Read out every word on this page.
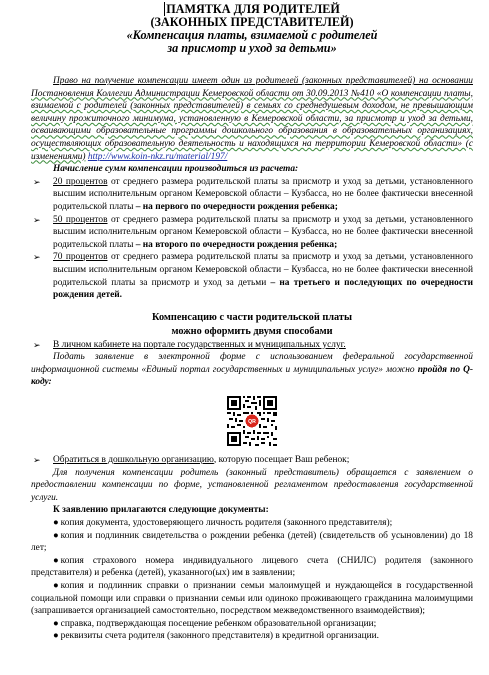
ПАМЯТКА ДЛЯ РОДИТЕЛЕЙ
(ЗАКОННЫХ ПРЕДСТАВИТЕЛЕЙ)
«Компенсация платы, взимаемой с родителей
за присмотр и уход за детьми»
Право на получение компенсации имеет один из родителей (законных представителей) на основании Постановления Коллегии Администрации Кемеровской области от 30.09.2013 №410 «О компенсации платы, взимаемой с родителей (законных представителей) в семьях со среднедушевым доходом, не превышающим величину прожиточного минимума, установленную в Кемеровской области, за присмотр и уход за детьми, осваивающими образовательные программы дошкольного образования в образовательных организациях, осуществляющих образовательную деятельность и находящихся на территории Кемеровской области» (с изменениями) http://www.koin-nkz.ru/material/197/
Начисление сумм компенсации производиться из расчета:
➢ 20 процентов от среднего размера родительской платы за присмотр и уход за детьми, установленного высшим исполнительным органом Кемеровской области – Кузбасса, но не более фактически внесенной родительской платы – на первого по очередности рождения ребенка;
➢ 50 процентов от среднего размера родительской платы за присмотр и уход за детьми, установленного высшим исполнительным органом Кемеровской области – Кузбасса, но не более фактически внесенной родительской платы – на второго по очередности рождения ребенка;
➢ 70 процентов от среднего размера родительской платы за присмотр и уход за детьми, установленного высшим исполнительным органом Кемеровской области – Кузбасса, но не более фактически внесенной родительской платы за присмотр и уход за детьми – на третьего и последующих по очередности рождения детей.
Компенсацию с части родительской платы
можно оформить двумя способами
➢ В личном кабинете на портале государственных и муниципальных услуг.
Подать заявление в электронной форме с использованием федеральной государственной информационной системы «Единый портал государственных и муниципальных услуг» можно пройдя по Q-коду:
QR
➢ Обратиться в дошкольную организацию, которую посещает Ваш ребенок;
Для получения компенсации родитель (законный представитель) обращается с заявлением о предоставлении компенсации по форме, установленной регламентом предоставления государственной услуги.
К заявлению прилагаются следующие документы:
● копия документа, удостоверяющего личность родителя (законного представителя);
● копия и подлинник свидетельства о рождении ребенка (детей) (свидетельств об усыновлении) до 18 лет;
● копия страхового номера индивидуального лицевого счета (СНИЛС) родителя (законного представителя) и ребенка (детей), указанного(ых) им в заявлении;
● копия и подлинник справки о признании семьи малоимущей и нуждающейся в государственной социальной помощи или справки о признании семьи или одиноко проживающего гражданина малоимущими (запрашивается организацией самостоятельно, посредством межведомственного взаимодействия);
● справка, подтверждающая посещение ребенком образовательной организации;
● реквизиты счета родителя (законного представителя) в кредитной организации.
